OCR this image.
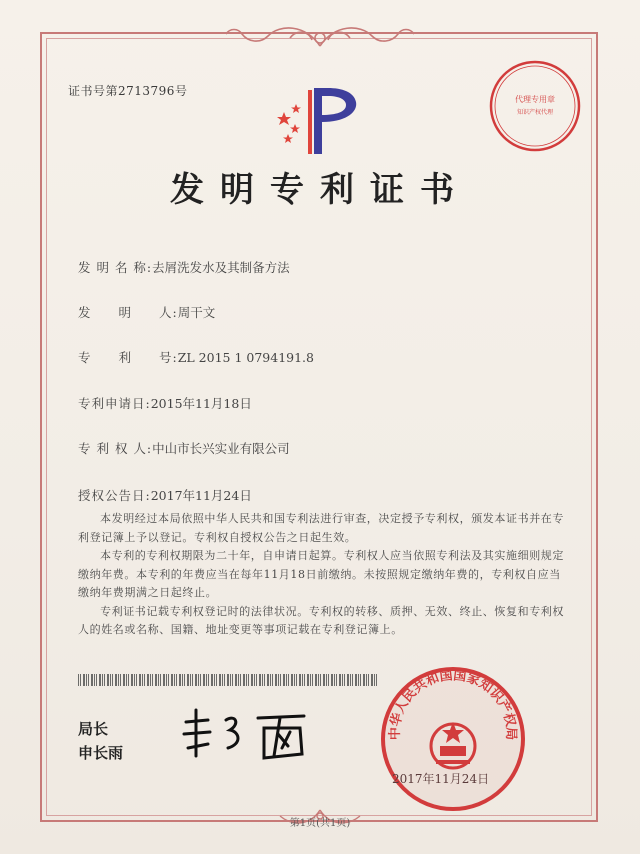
证书号第2713796号
代理专用章
知识产权代理
发明专利证书
发 明 名 称:去屑洗发水及其制备方法
发　　明　　人:周干文
专　　利　　号:ZL 2015 1 0794191.8
专利申请日:2015年11月18日
专 利 权 人:中山市长兴实业有限公司
授权公告日:2017年11月24日

本发明经过本局依照中华人民共和国专利法进行审查，决定授予专利权，颁发本证书并在专利登记簿上予以登记。专利权自授权公告之日起生效。

本专利的专利权期限为二十年，自申请日起算。专利权人应当依照专利法及其实施细则规定缴纳年费。本专利的年费应当在每年11月18日前缴纳。未按照规定缴纳年费的，专利权自应当缴纳年费期满之日起终止。

专利证书记载专利权登记时的法律状况。专利权的转移、质押、无效、终止、恢复和专利权人的姓名或名称、国籍、地址变更等事项记载在专利登记簿上。

局长
申长雨
中华人民共和国国家知识产权局
2017年11月24日
第1页(共1页)
